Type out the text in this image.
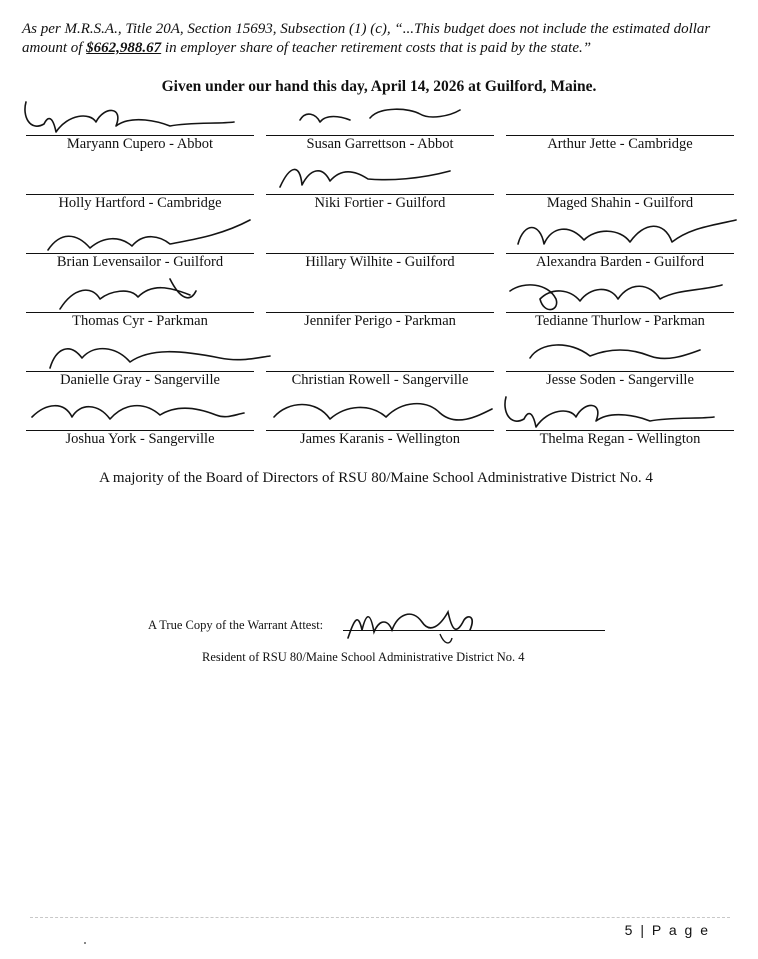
As per M.R.S.A., Title 20A, Section 15693, Subsection (1) (c), “...This budget does not include the estimated dollar amount of $662,988.67 in employer share of teacher retirement costs that is paid by the state.”

Given under our hand this day, April 14, 2026 at Guilford, Maine.

Maryann Cupero - Abbot	Susan Garrettson - Abbot	Arthur Jette - Cambridge
Holly Hartford - Cambridge	Niki Fortier - Guilford	Maged Shahin - Guilford
Brian Levensailor - Guilford	Hillary Wilhite - Guilford	Alexandra Barden - Guilford
Thomas Cyr - Parkman	Jennifer Perigo - Parkman	Tedianne Thurlow - Parkman
Danielle Gray - Sangerville	Christian Rowell - Sangerville	Jesse Soden - Sangerville
Joshua York - Sangerville	James Karanis - Wellington	Thelma Regan - Wellington

A majority of the Board of Directors of RSU 80/Maine School Administrative District No. 4

A True Copy of the Warrant Attest:
Resident of RSU 80/Maine School Administrative District No. 4
5 | P a g e
